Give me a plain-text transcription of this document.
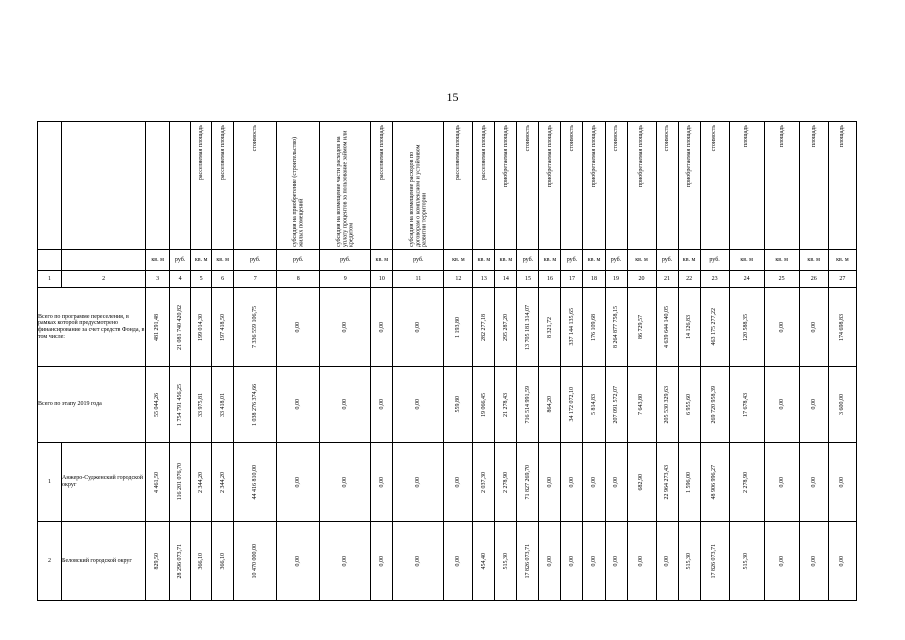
15

				расселяемая площадь	расселяемая площадь	стоимость	субсидия на приобретение (строительство) жилых помещений	субсидия на возмещение части расходов на уплату процентов за пользование займом или кредитом	расселяемая площадь	субсидия на возмещение расходов по договорам о комплексном и устойчивом развитии территории	расселяемая площадь	расселяемая площадь	приобретаемая площадь	стоимость	приобретаемая площадь	стоимость	приобретаемая площадь	стоимость	приобретаемая площадь	стоимость	приобретаемая площадь	стоимость	площадь	площадь	площадь	площадь

		кв. м	руб.	кв. м	кв. м	руб.	руб.	руб.	кв. м	руб.	кв. м	кв. м	кв. м	руб.	кв. м	руб.	кв. м	руб.	кв. м	руб.	кв. м	руб.	кв. м	кв. м	кв. м	кв. м
1	2	3	4	5	6	7	8	9	10	11	12	13	14	15	16	17	18	19	20	21	22	23	24	25	26	27
Всего по программе переселения, в рамках которой предусмотрено финансирование за счет средств Фонда, в том числе:		481 291,48	21 081 740 420,82	199 014,30	197 418,50	7 336 559 106,75	0,00	0,00	0,00	0,00	1 193,80	282 277,18	295 287,20	13 705 181 314,07	8 321,72	337 144 135,65	176 109,68	8 264 877 758,15	86 729,57	4 639 644 140,05	14 126,83	463 175 277,22	120 588,35	0,00	0,00	174 698,83

Всего по этапу 2019 года		55 044,26	1 754 791 456,25	33 975,81	33 418,01	1 038 276 374,66	0,00	0,00	0,00	0,00	559,80	19 066,45	21 278,43	716 514 991,59	864,20	34 172 072,10	5 814,83	207 091 572,07	7 643,80	205 530 329,63	6 955,60	269 720 958,39	17 678,43	0,00	0,00	3 600,00

1	Анжеро-Судженский городской округ	4 461,50	116 201 076,70	2 344,20	2 344,20	44 416 810,00	0,00	0,00	0,00	0,00	0,00	2 037,30	2 278,90	71 827 269,70	0,00	0,00	0,00	0,00	682,90	22 964 273,43	1 596,00	48 906 996,27	2 278,90	0,00	0,00	0,00

2	Беловский городской округ	829,50	28 296 073,71	366,10	366,10	10 470 000,00	0,00	0,00	0,00	0,00	0,00	454,40	515,30	17 826 073,71	0,00	0,00	0,00	0,00	0,00	0,00	515,30	17 826 073,71	515,30	0,00	0,00	0,00
